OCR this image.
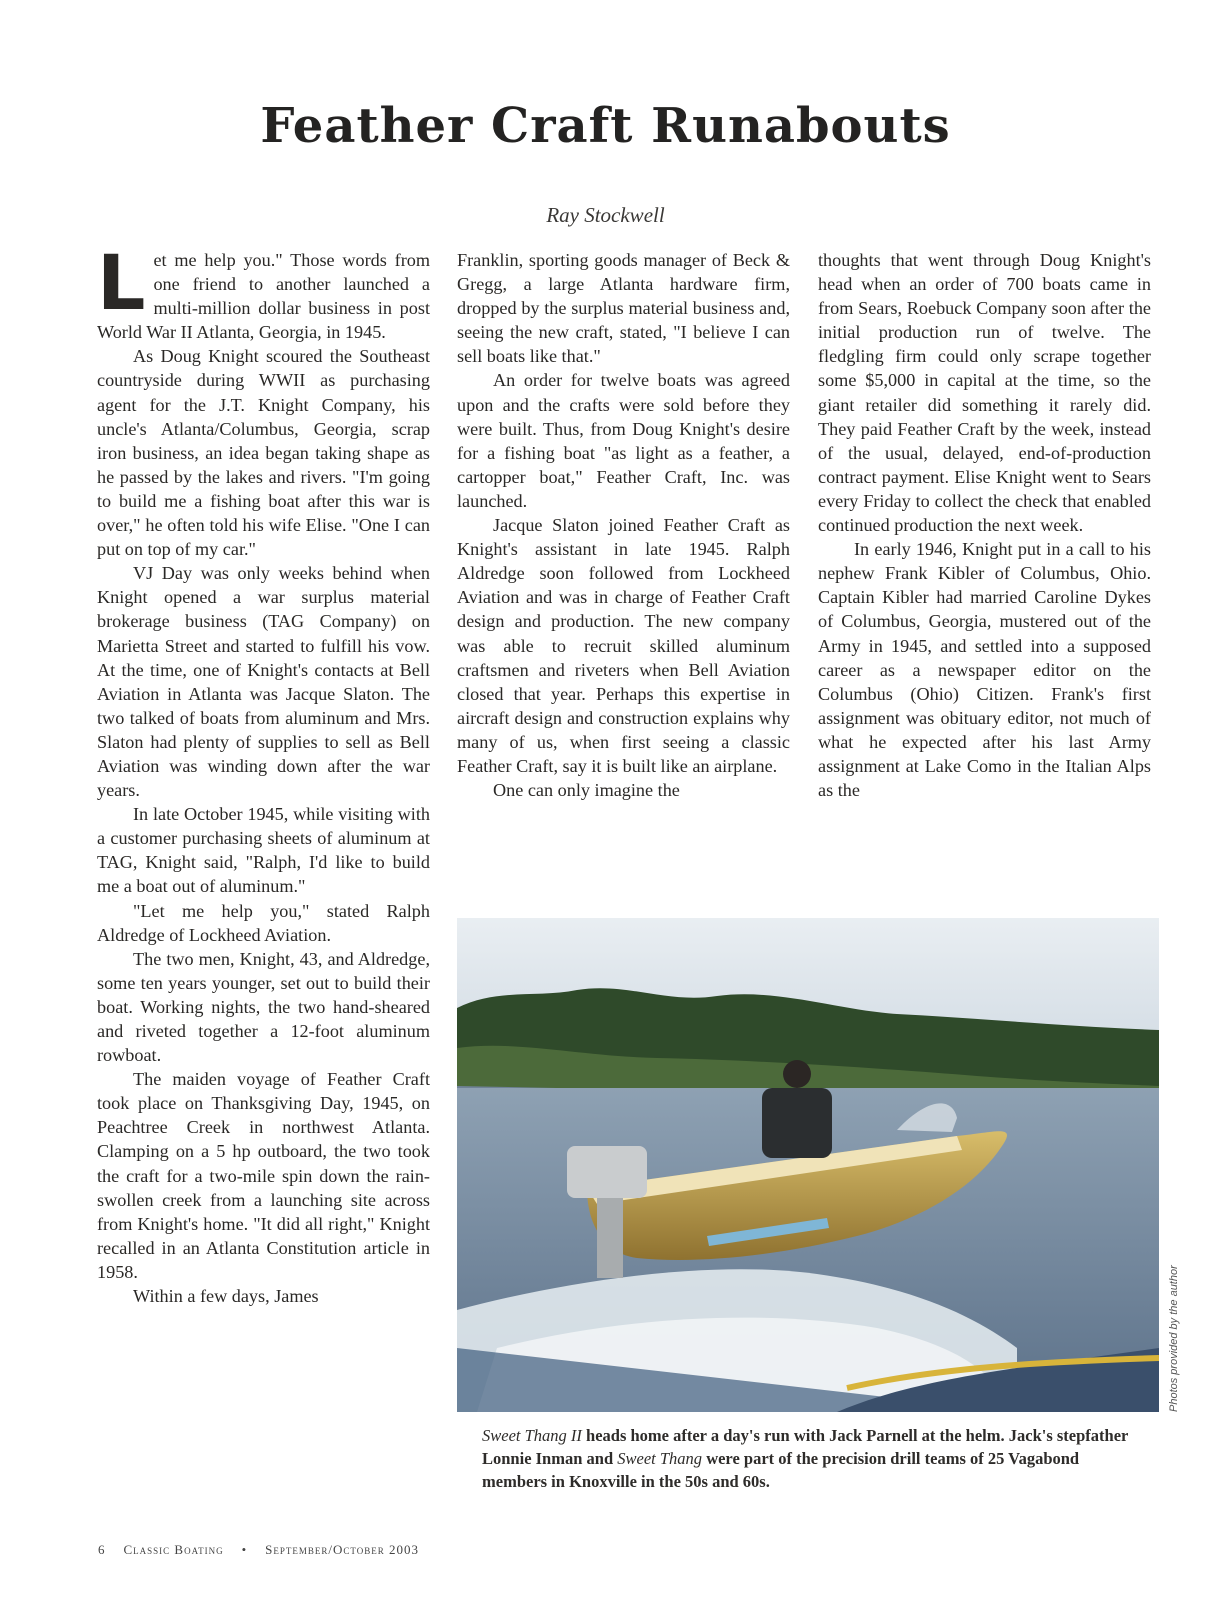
Feather Craft Runabouts
Ray Stockwell

Let me help you." Those words from one friend to another launched a multi-million dollar business in post World War II Atlanta, Georgia, in 1945.

As Doug Knight scoured the Southeast countryside during WWII as purchasing agent for the J.T. Knight Company, his uncle's Atlanta/Columbus, Georgia, scrap iron business, an idea began taking shape as he passed by the lakes and rivers. "I'm going to build me a fishing boat after this war is over," he often told his wife Elise. "One I can put on top of my car."

VJ Day was only weeks behind when Knight opened a war surplus material brokerage business (TAG Company) on Marietta Street and started to fulfill his vow. At the time, one of Knight's contacts at Bell Aviation in Atlanta was Jacque Slaton. The two talked of boats from aluminum and Mrs. Slaton had plenty of supplies to sell as Bell Aviation was winding down after the war years.

In late October 1945, while visiting with a customer purchasing sheets of aluminum at TAG, Knight said, "Ralph, I'd like to build me a boat out of aluminum."

"Let me help you," stated Ralph Aldredge of Lockheed Aviation.

The two men, Knight, 43, and Aldredge, some ten years younger, set out to build their boat. Working nights, the two hand-sheared and riveted together a 12-foot aluminum rowboat.

The maiden voyage of Feather Craft took place on Thanksgiving Day, 1945, on Peachtree Creek in northwest Atlanta. Clamping on a 5 hp outboard, the two took the craft for a two-mile spin down the rain-swollen creek from a launching site across from Knight's home. "It did all right," Knight recalled in an Atlanta Constitution article in 1958.

Within a few days, James

Franklin, sporting goods manager of Beck & Gregg, a large Atlanta hardware firm, dropped by the surplus material business and, seeing the new craft, stated, "I believe I can sell boats like that."

An order for twelve boats was agreed upon and the crafts were sold before they were built. Thus, from Doug Knight's desire for a fishing boat "as light as a feather, a cartopper boat," Feather Craft, Inc. was launched.

Jacque Slaton joined Feather Craft as Knight's assistant in late 1945. Ralph Aldredge soon followed from Lockheed Aviation and was in charge of Feather Craft design and production. The new company was able to recruit skilled aluminum craftsmen and riveters when Bell Aviation closed that year. Perhaps this expertise in aircraft design and construction explains why many of us, when first seeing a classic Feather Craft, say it is built like an airplane.

One can only imagine the

thoughts that went through Doug Knight's head when an order of 700 boats came in from Sears, Roebuck Company soon after the initial production run of twelve. The fledgling firm could only scrape together some $5,000 in capital at the time, so the giant retailer did something it rarely did. They paid Feather Craft by the week, instead of the usual, delayed, end-of-production contract payment. Elise Knight went to Sears every Friday to collect the check that enabled continued production the next week.

In early 1946, Knight put in a call to his nephew Frank Kibler of Columbus, Ohio. Captain Kibler had married Caroline Dykes of Columbus, Georgia, mustered out of the Army in 1945, and settled into a supposed career as a newspaper editor on the Columbus (Ohio) Citizen. Frank's first assignment was obituary editor, not much of what he expected after his last Army assignment at Lake Como in the Italian Alps as the

Photos provided by the author
Sweet Thang II heads home after a day's run with Jack Parnell at the helm. Jack's stepfather Lonnie Inman and Sweet Thang were part of the precision drill teams of 25 Vagabond members in Knoxville in the 50s and 60s.
6 Classic Boating • September/October 2003
